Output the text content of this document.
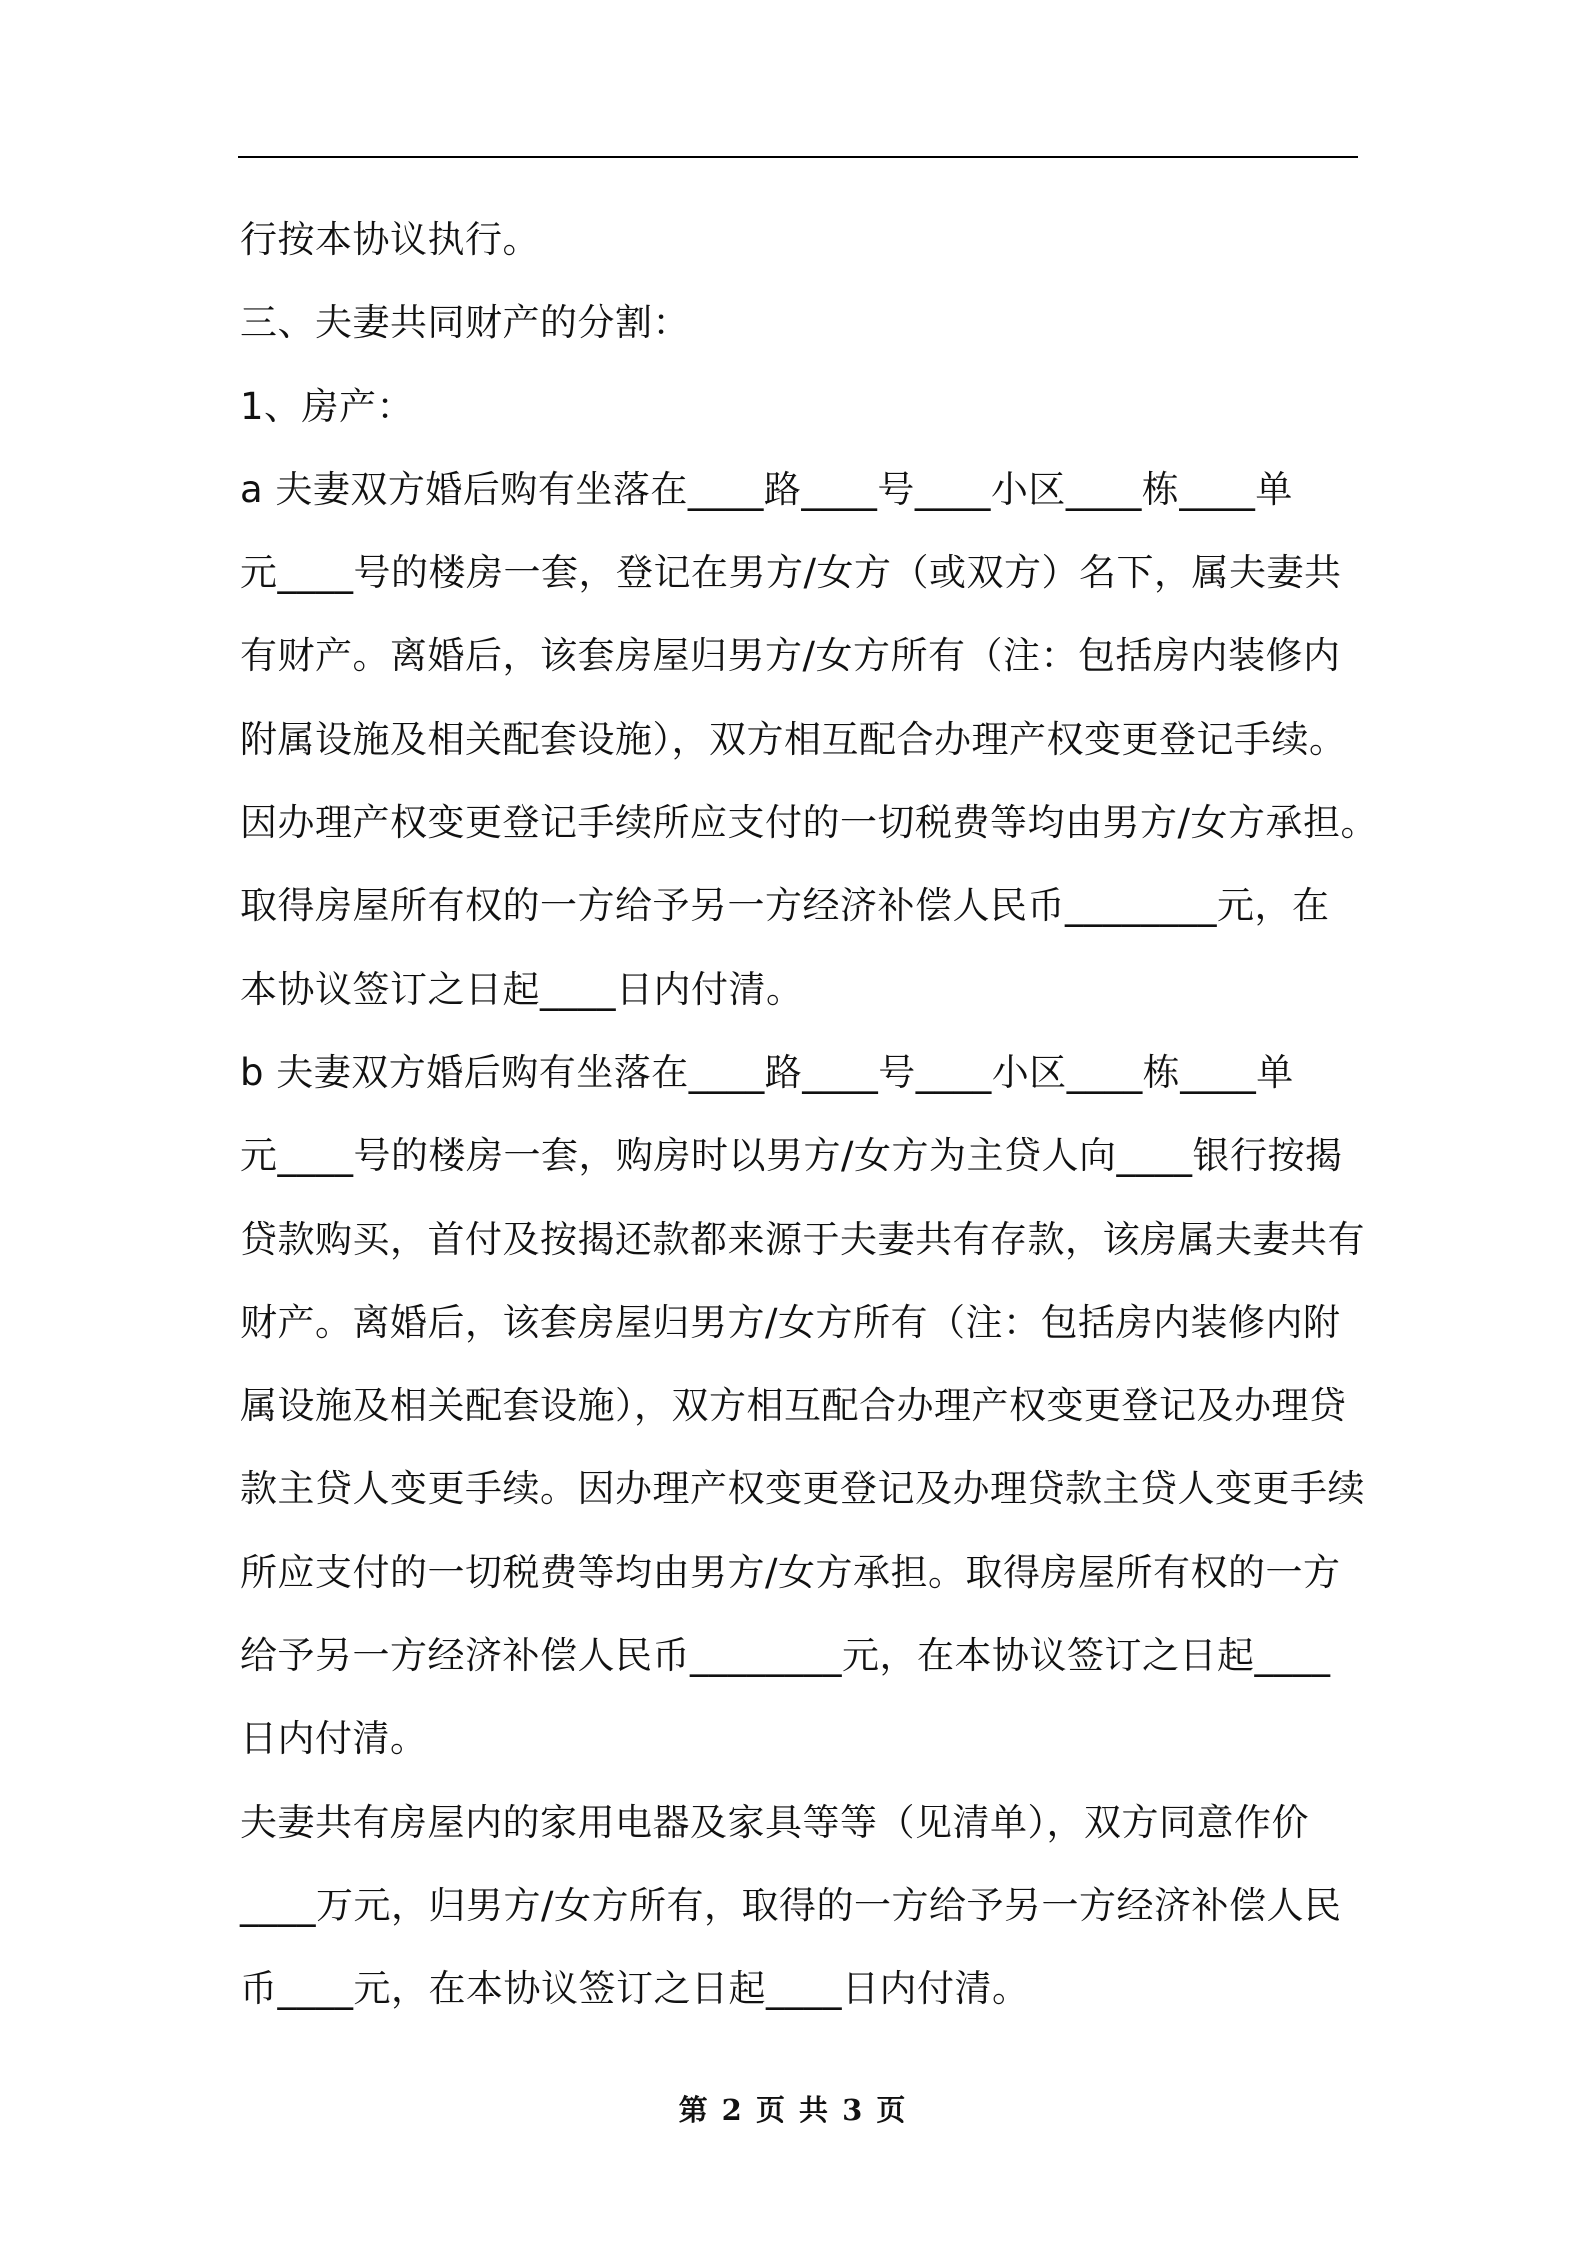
行按本协议执行。
三、夫妻共同财产的分割：
1、房产：
a 夫妻双方婚后购有坐落在____路____号____小区____栋____单
元____号的楼房一套，登记在男方/女方（或双方）名下，属夫妻共
有财产。离婚后，该套房屋归男方/女方所有（注：包括房内装修内
附属设施及相关配套设施），双方相互配合办理产权变更登记手续。
因办理产权变更登记手续所应支付的一切税费等均由男方/女方承担。
取得房屋所有权的一方给予另一方经济补偿人民币________元，在
本协议签订之日起____日内付清。
b 夫妻双方婚后购有坐落在____路____号____小区____栋____单
元____号的楼房一套，购房时以男方/女方为主贷人向____银行按揭
贷款购买，首付及按揭还款都来源于夫妻共有存款，该房属夫妻共有
财产。离婚后，该套房屋归男方/女方所有（注：包括房内装修内附
属设施及相关配套设施），双方相互配合办理产权变更登记及办理贷
款主贷人变更手续。因办理产权变更登记及办理贷款主贷人变更手续
所应支付的一切税费等均由男方/女方承担。取得房屋所有权的一方
给予另一方经济补偿人民币________元，在本协议签订之日起____
日内付清。
夫妻共有房屋内的家用电器及家具等等（见清单），双方同意作价
____万元，归男方/女方所有，取得的一方给予另一方经济补偿人民
币____元，在本协议签订之日起____日内付清。
第 2 页 共 3 页
